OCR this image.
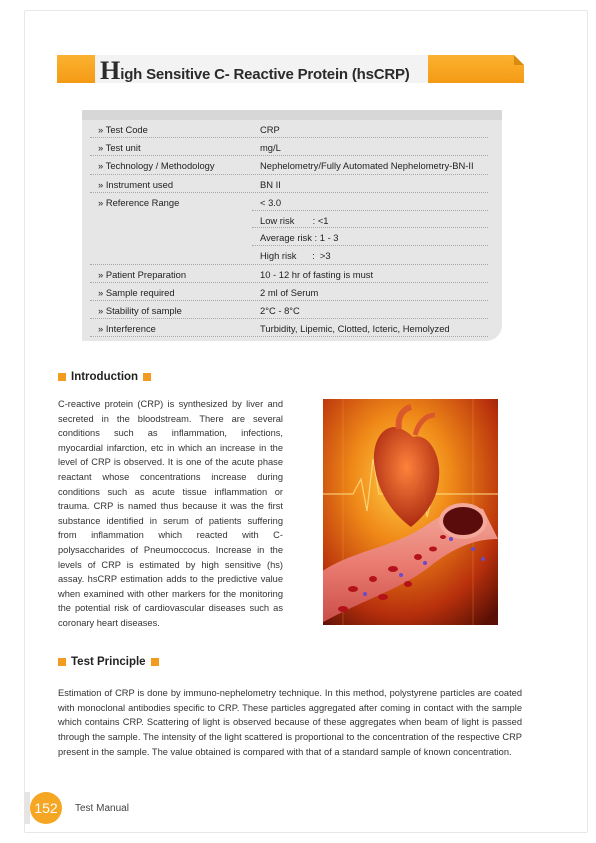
High Sensitive C- Reactive Protein (hsCRP)
» Test Code	CRP
» Test unit	mg/L
» Technology / Methodology	Nephelometry/Fully Automated Nephelometry-BN-II
» Instrument used	BN II
» Reference Range	< 3.0
Low risk       : <1
Average risk : 1 - 3
High risk      :  >3
» Patient Preparation	10 - 12 hr of fasting is must
» Sample required	2 ml of Serum
» Stability of sample	2°C - 8°C
» Interference	Turbidity, Lipemic, Clotted, Icteric, Hemolyzed
Introduction
C-reactive protein (CRP) is synthesized by liver and secreted in the bloodstream. There are several conditions such as inflammation, infections, myocardial infarction, etc in which an increase in the level of CRP is observed. It is one of the acute phase reactant whose concentrations increase during conditions such as acute tissue inflammation or trauma. CRP is named thus because it was the first substance identified in serum of patients suffering from inflammation which reacted with C-polysaccharides of Pneumoccocus. Increase in the levels of CRP is estimated by high sensitive (hs) assay. hsCRP estimation adds to the predictive value when examined with other markers for the monitoring the potential risk of cardiovascular diseases such as coronary heart diseases.
Test Principle
Estimation of CRP is done by immuno-nephelometry technique. In this method, polystyrene particles are coated with monoclonal antibodies specific to CRP. These particles aggregated after coming in contact with the sample which contains CRP. Scattering of light is observed because of these aggregates when beam of light is passed through the sample. The intensity of the light scattered is proportional to the concentration of the respective CRP present in the sample. The value obtained is compared with that of a standard sample of known concentration.
152	Test Manual
